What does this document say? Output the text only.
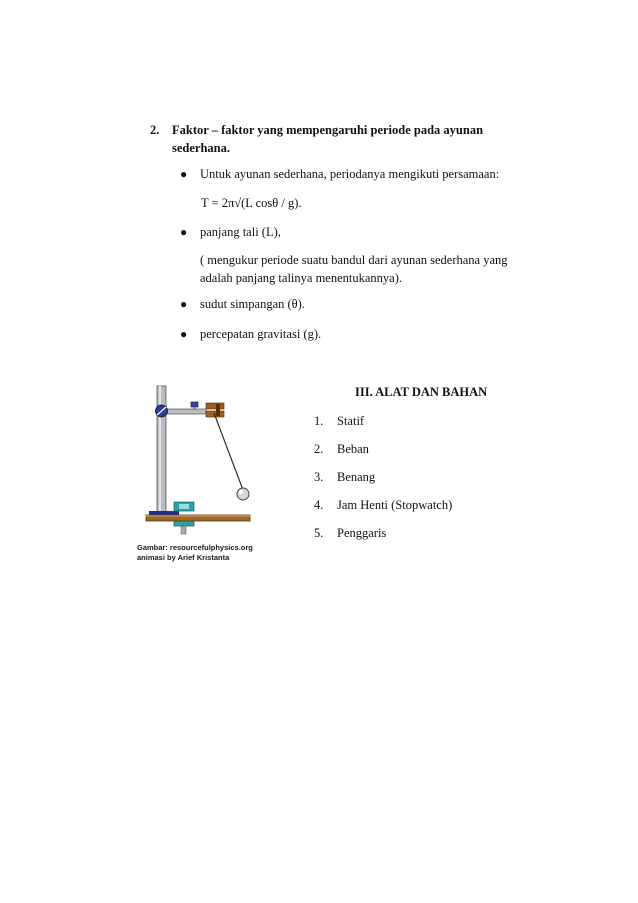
2. Faktor – faktor yang mempengaruhi periode pada ayunan
sederhana.
● Untuk ayunan sederhana, periodanya mengikuti persamaan:
T = 2π√(L cosθ / g).
● panjang tali (L),
( mengukur periode suatu bandul dari ayunan sederhana yang
adalah panjang talinya menentukannya).
● sudut simpangan (θ).
● percepatan gravitasi (g).
III. ALAT DAN BAHAN
1. Statif
2. Beban
3. Benang
4. Jam Henti (Stopwatch)
5. Penggaris
Gambar: resourcefulphysics.org
animasi by Arief Kristanta
